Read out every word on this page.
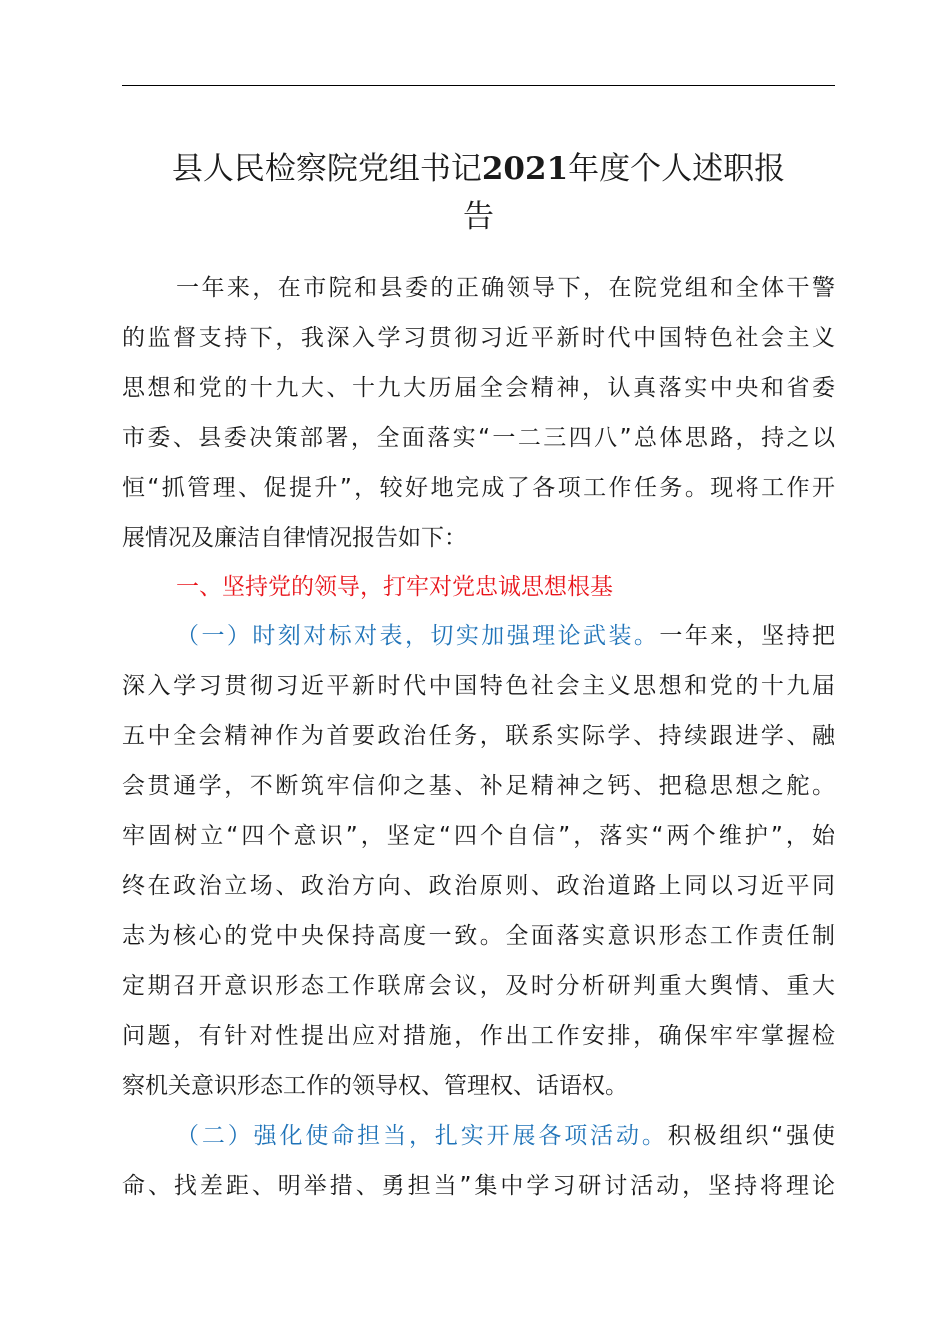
县人民检察院党组书记2021年度个人述职报
告
一年来，在市院和县委的正确领导下，在院党组和全体干警
的监督支持下，我深入学习贯彻习近平新时代中国特色社会主义
思想和党的十九大、十九大历届全会精神，认真落实中央和省委
市委、县委决策部署，全面落实“一二三四八”总体思路，持之以
恒“抓管理、促提升”，较好地完成了各项工作任务。现将工作开
展情况及廉洁自律情况报告如下：
一、坚持党的领导，打牢对党忠诚思想根基
（一）时刻对标对表，切实加强理论武装。一年来，坚持把
深入学习贯彻习近平新时代中国特色社会主义思想和党的十九届
五中全会精神作为首要政治任务，联系实际学、持续跟进学、融
会贯通学，不断筑牢信仰之基、补足精神之钙、把稳思想之舵。
牢固树立“四个意识”，坚定“四个自信”，落实“两个维护”，始
终在政治立场、政治方向、政治原则、政治道路上同以习近平同
志为核心的党中央保持高度一致。全面落实意识形态工作责任制
定期召开意识形态工作联席会议，及时分析研判重大舆情、重大
问题，有针对性提出应对措施，作出工作安排，确保牢牢掌握检
察机关意识形态工作的领导权、管理权、话语权。
（二）强化使命担当，扎实开展各项活动。积极组织“强使
命、找差距、明举措、勇担当”集中学习研讨活动，坚持将理论
